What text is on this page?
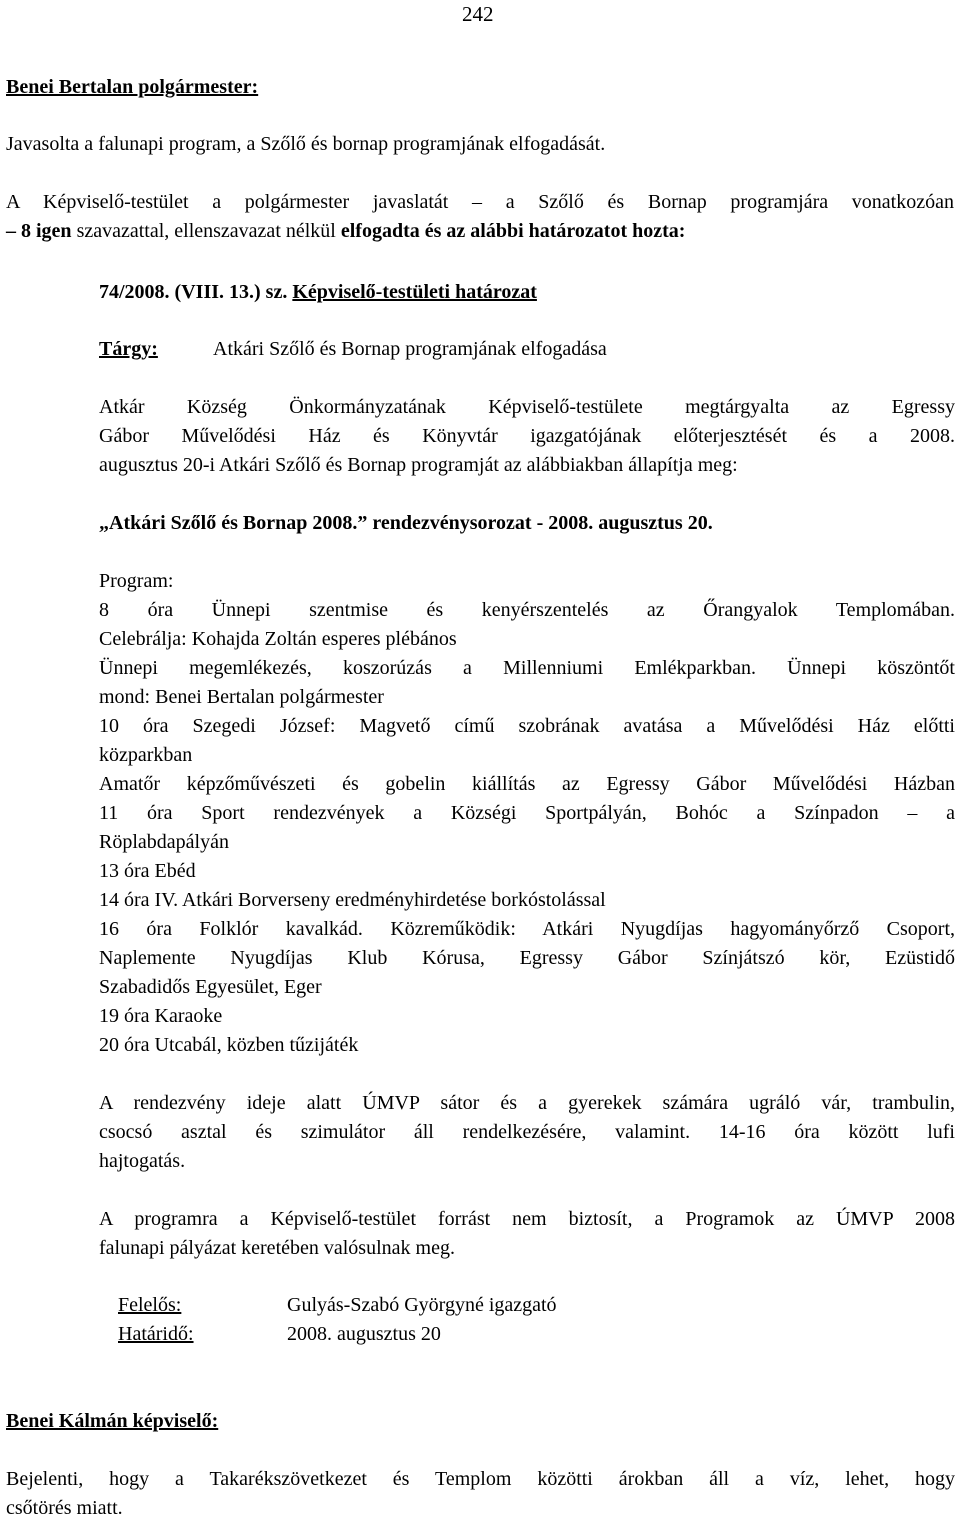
242
Benei Bertalan polgármester:
Javasolta a falunapi program, a Szőlő és bornap programjának elfogadását.
A Képviselő-testület a polgármester javaslatát – a Szőlő és Bornap programjára vonatkozóan
– 8 igen szavazattal, ellenszavazat nélkül elfogadta és az alábbi határozatot hozta:
74/2008. (VIII. 13.) sz. Képviselő-testületi határozat
Tárgy:	Atkári Szőlő és Bornap programjának elfogadása
Atkár Község Önkormányzatának Képviselő-testülete megtárgyalta az Egressy
Gábor Művelődési Ház és Könyvtár igazgatójának előterjesztését és a 2008.
augusztus 20-i Atkári Szőlő és Bornap programját az alábbiakban állapítja meg:
„Atkári Szőlő és Bornap 2008.” rendezvénysorozat - 2008. augusztus 20.
Program:
8 óra Ünnepi szentmise és kenyérszentelés az Őrangyalok Templomában.
Celebrálja: Kohajda Zoltán esperes plébános
Ünnepi megemlékezés, koszorúzás a Millenniumi Emlékparkban. Ünnepi köszöntőt
mond: Benei Bertalan polgármester
10 óra Szegedi József: Magvető című szobrának avatása a Művelődési Ház előtti
közparkban
Amatőr képzőművészeti és gobelin kiállítás az Egressy Gábor Művelődési Házban
11 óra Sport rendezvények a Községi Sportpályán, Bohóc a Színpadon – a
Röplabdapályán
13 óra Ebéd
14 óra IV. Atkári Borverseny eredményhirdetése borkóstolással
16 óra Folklór kavalkád. Közreműködik: Atkári Nyugdíjas hagyományőrző Csoport,
Naplemente Nyugdíjas Klub Kórusa, Egressy Gábor Színjátszó kör, Ezüstidő
Szabadidős Egyesület, Eger
19 óra Karaoke
20 óra Utcabál, közben tűzijáték
A rendezvény ideje alatt ÚMVP sátor és a gyerekek számára ugráló vár, trambulin,
csocsó asztal és szimulátor áll rendelkezésére, valamint. 14-16 óra között lufi
hajtogatás.
A programra a Képviselő-testület forrást nem biztosít, a Programok az ÚMVP 2008
falunapi pályázat keretében valósulnak meg.
Felelős:	Gulyás-Szabó Györgyné igazgató
Határidő:	2008. augusztus 20
Benei Kálmán képviselő:
Bejelenti, hogy a Takarékszövetkezet és Templom közötti árokban áll a víz, lehet, hogy
csőtörés miatt.
